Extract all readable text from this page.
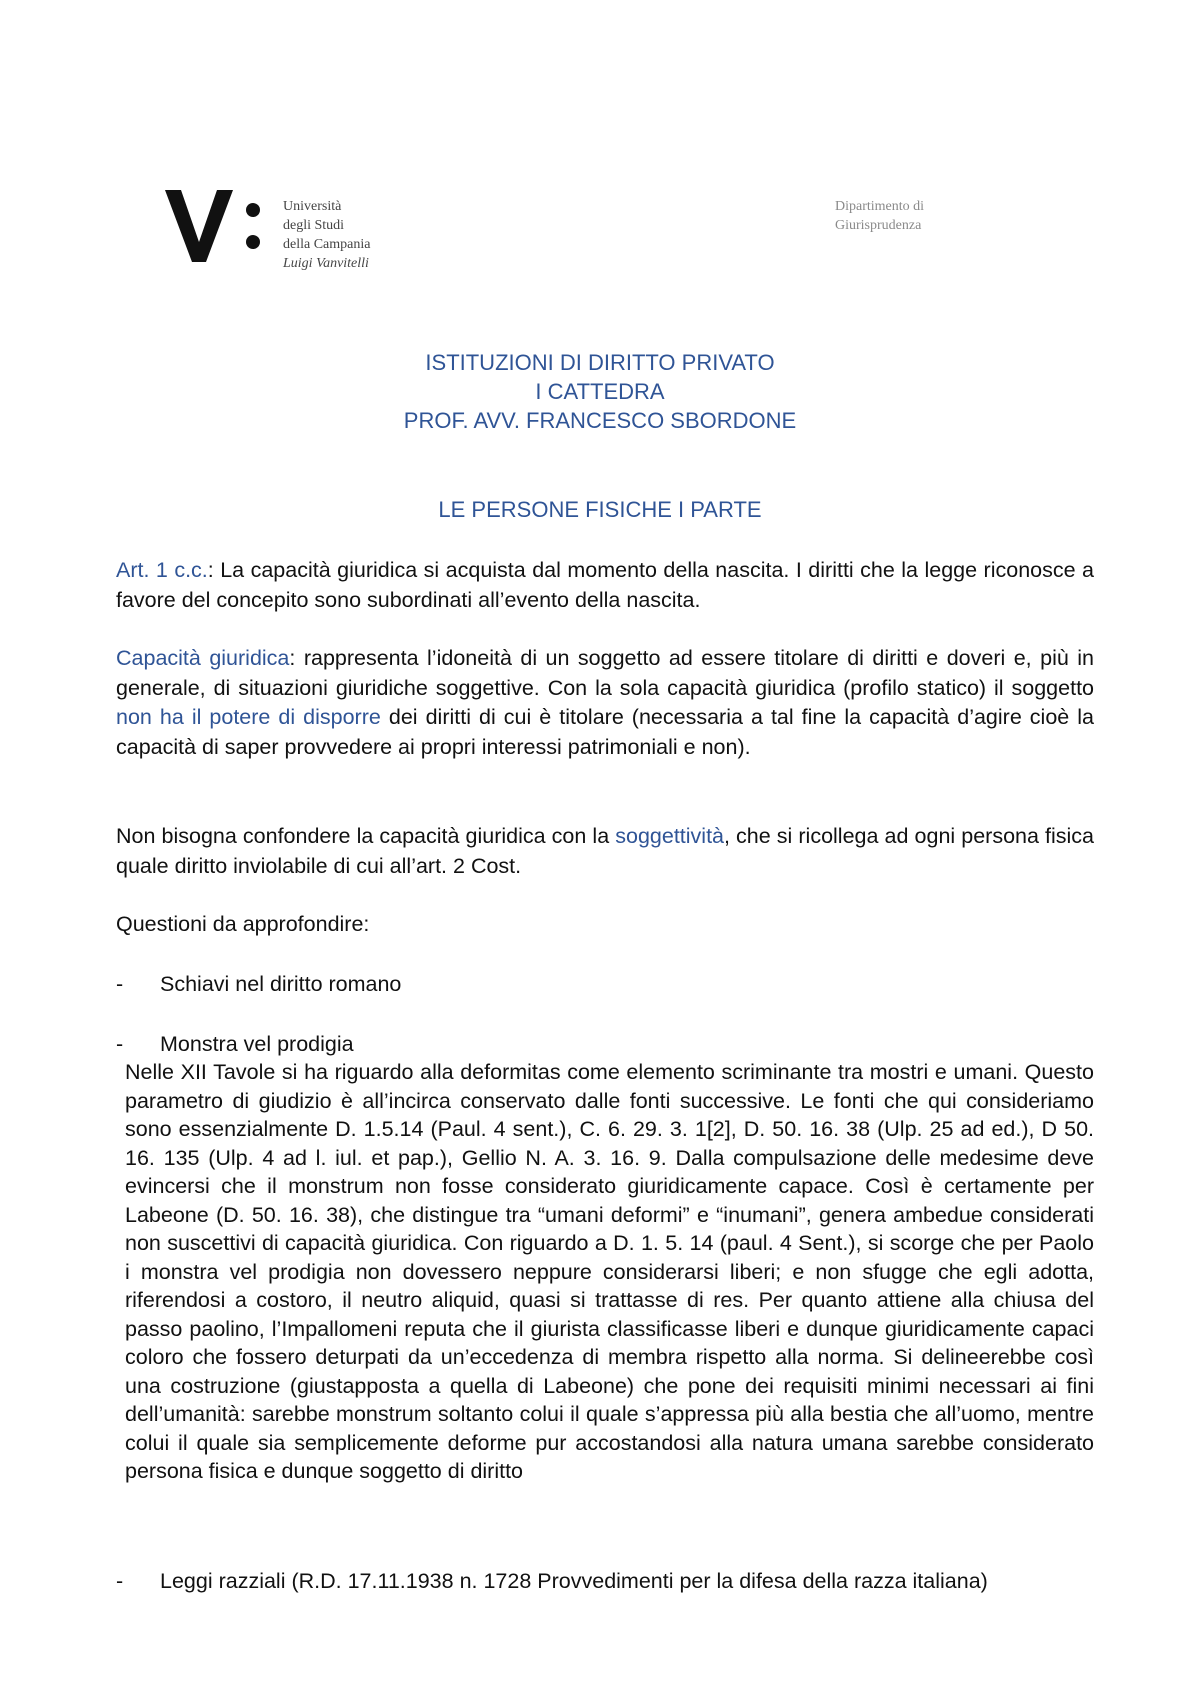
Università
degli Studi
della Campania
Luigi Vanvitelli
Dipartimento di
Giurisprudenza
ISTITUZIONI DI DIRITTO PRIVATO
I CATTEDRA
PROF. AVV. FRANCESCO SBORDONE
LE PERSONE FISICHE I PARTE
Art. 1 c.c.: La capacità giuridica si acquista dal momento della nascita. I diritti che la legge riconosce a favore del concepito sono subordinati all’evento della nascita.
Capacità giuridica: rappresenta l’idoneità di un soggetto ad essere titolare di diritti e doveri e, più in generale, di situazioni giuridiche soggettive. Con la sola capacità giuridica (profilo statico) il soggetto non ha il potere di disporre dei diritti di cui è titolare (necessaria a tal fine la capacità d’agire cioè la capacità di saper provvedere ai propri interessi patrimoniali e non).
Non bisogna confondere la capacità giuridica con la soggettività, che si ricollega ad ogni persona fisica quale diritto inviolabile di cui all’art. 2 Cost.
Questioni da approfondire:
- Schiavi nel diritto romano
- Monstra vel prodigia
Nelle XII Tavole si ha riguardo alla deformitas come elemento scriminante tra mostri e umani. Questo parametro di giudizio è all’incirca conservato dalle fonti successive. Le fonti che qui consideriamo sono essenzialmente D. 1.5.14 (Paul. 4 sent.), C. 6. 29. 3. 1[2], D. 50. 16. 38 (Ulp. 25 ad ed.), D 50. 16. 135 (Ulp. 4 ad l. iul. et pap.), Gellio N. A. 3. 16. 9. Dalla compulsazione delle medesime deve evincersi che il monstrum non fosse considerato giuridicamente capace. Così è certamente per Labeone (D. 50. 16. 38), che distingue tra “umani deformi” e “inumani”, genera ambedue considerati non suscettivi di capacità giuridica. Con riguardo a D. 1. 5. 14 (paul. 4 Sent.), si scorge che per Paolo i monstra vel prodigia non dovessero neppure considerarsi liberi; e non sfugge che egli adotta, riferendosi a costoro, il neutro aliquid, quasi si trattasse di res. Per quanto attiene alla chiusa del passo paolino, l’Impallomeni reputa che il giurista classificasse liberi e dunque giuridicamente capaci coloro che fossero deturpati da un’eccedenza di membra rispetto alla norma. Si delineerebbe così una costruzione (giustapposta a quella di Labeone) che pone dei requisiti minimi necessari ai fini dell’umanità: sarebbe monstrum soltanto colui il quale s’appressa più alla bestia che all’uomo, mentre colui il quale sia semplicemente deforme pur accostandosi alla natura umana sarebbe considerato persona fisica e dunque soggetto di diritto
- Leggi razziali (R.D. 17.11.1938 n. 1728 Provvedimenti per la difesa della razza italiana)
